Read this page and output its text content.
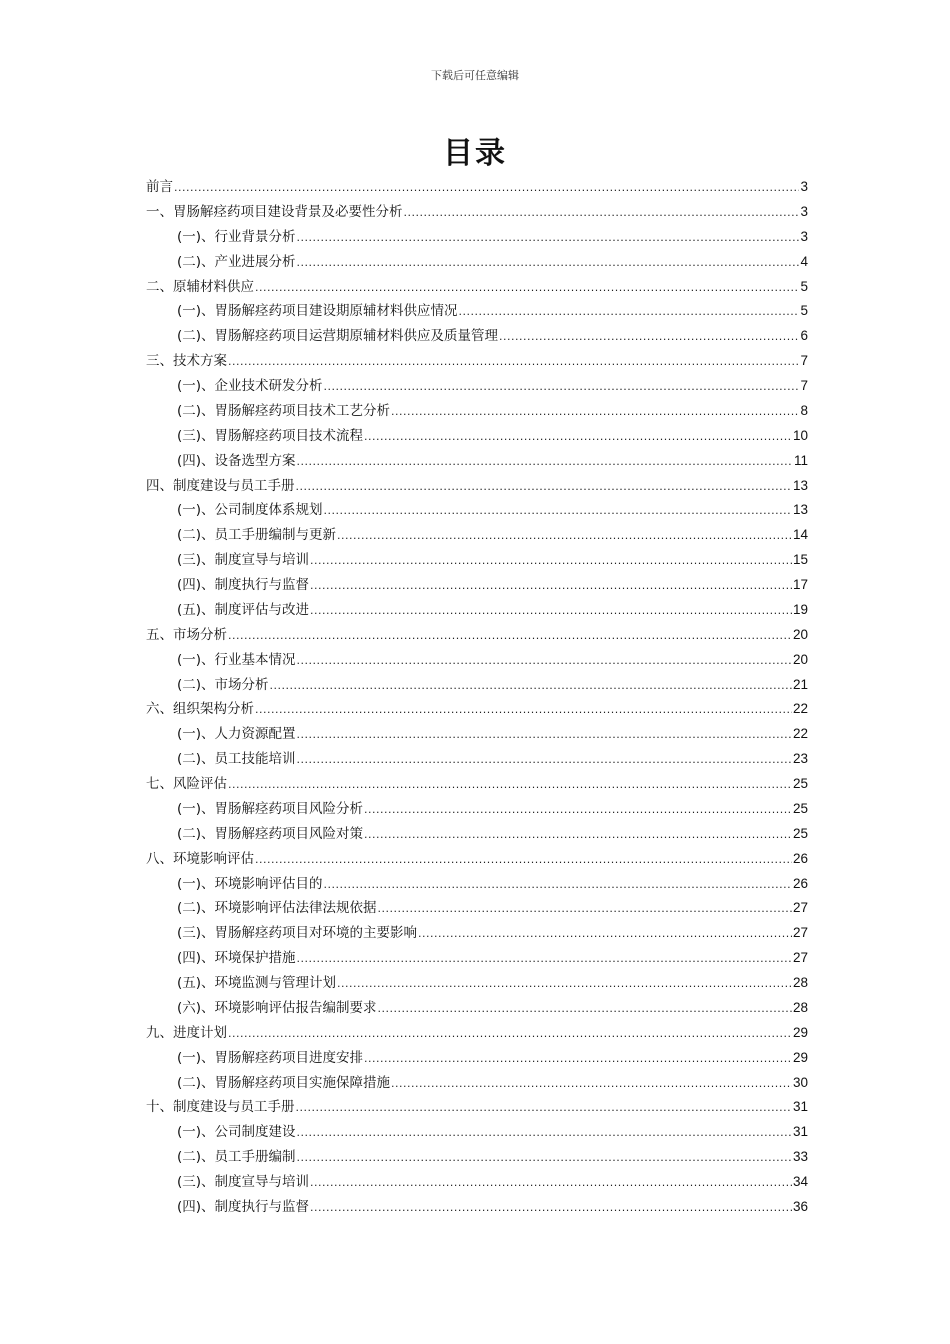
下载后可任意编辑
目录
前言 .....	3
一、胃肠解痉药项目建设背景及必要性分析 .....	3
(一)、行业背景分析 .....	3
(二)、产业进展分析 .....	4
二、原辅材料供应 .....	5
(一)、胃肠解痉药项目建设期原辅材料供应情况 .....	5
(二)、胃肠解痉药项目运营期原辅材料供应及质量管理 .....	6
三、技术方案 .....	7
(一)、企业技术研发分析 .....	7
(二)、胃肠解痉药项目技术工艺分析 .....	8
(三)、胃肠解痉药项目技术流程 .....	10
(四)、设备选型方案 .....	11
四、制度建设与员工手册 .....	13
(一)、公司制度体系规划 .....	13
(二)、员工手册编制与更新 .....	14
(三)、制度宣导与培训 .....	15
(四)、制度执行与监督 .....	17
(五)、制度评估与改进 .....	19
五、市场分析 .....	20
(一)、行业基本情况 .....	20
(二)、市场分析 .....	21
六、组织架构分析 .....	22
(一)、人力资源配置 .....	22
(二)、员工技能培训 .....	23
七、风险评估 .....	25
(一)、胃肠解痉药项目风险分析 .....	25
(二)、胃肠解痉药项目风险对策 .....	25
八、环境影响评估 .....	26
(一)、环境影响评估目的 .....	26
(二)、环境影响评估法律法规依据 .....	27
(三)、胃肠解痉药项目对环境的主要影响 .....	27
(四)、环境保护措施 .....	27
(五)、环境监测与管理计划 .....	28
(六)、环境影响评估报告编制要求 .....	28
九、进度计划 .....	29
(一)、胃肠解痉药项目进度安排 .....	29
(二)、胃肠解痉药项目实施保障措施 .....	30
十、制度建设与员工手册 .....	31
(一)、公司制度建设 .....	31
(二)、员工手册编制 .....	33
(三)、制度宣导与培训 .....	34
(四)、制度执行与监督 .....	36
